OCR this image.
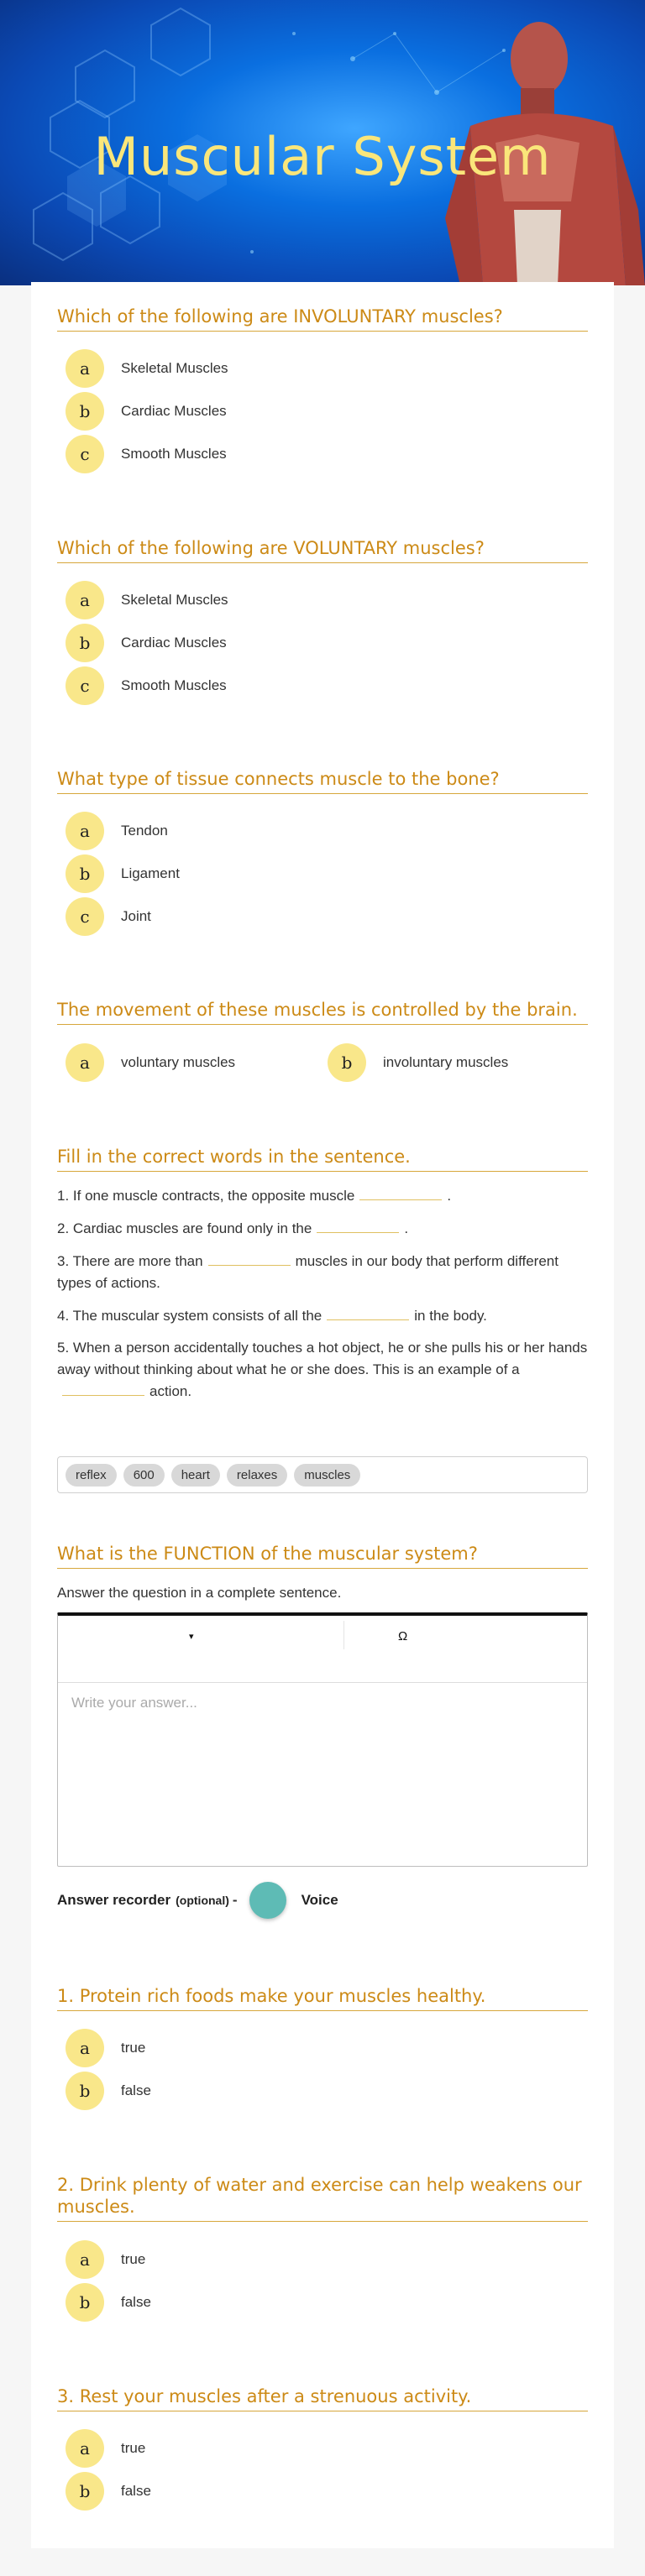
Muscular System
Which of the following are INVOLUNTARY muscles?
a	Skeletal Muscles
b	Cardiac Muscles
c	Smooth Muscles
Which of the following are VOLUNTARY muscles?
a	Skeletal Muscles
b	Cardiac Muscles
c	Smooth Muscles
What type of tissue connects muscle to the bone?
a	Tendon
b	Ligament
c	Joint
The movement of these muscles is controlled by the brain.
a	voluntary muscles	b	involuntary muscles
Fill in the correct words in the sentence.
1. If one muscle contracts, the opposite muscle	.
2. Cardiac muscles are found only in the	.
3. There are more than	muscles in our body that perform different types of actions.
4. The muscular system consists of all the	in the body.
5. When a person accidentally touches a hot object, he or she pulls his or her hands away without thinking about what he or she does. This is an example of aaction.
reflex	600	heart	relaxes	muscles
What is the FUNCTION of the muscular system?
Answer the question in a complete sentence.
▾	Ω
Write your answer...
Answer recorder (optional) -	Voice
1. Protein rich foods make your muscles healthy.
a	true
b	false
2. Drink plenty of water and exercise can help weakens our muscles.
a	true
b	false
3. Rest your muscles after a strenuous activity.
a	true
b	false
